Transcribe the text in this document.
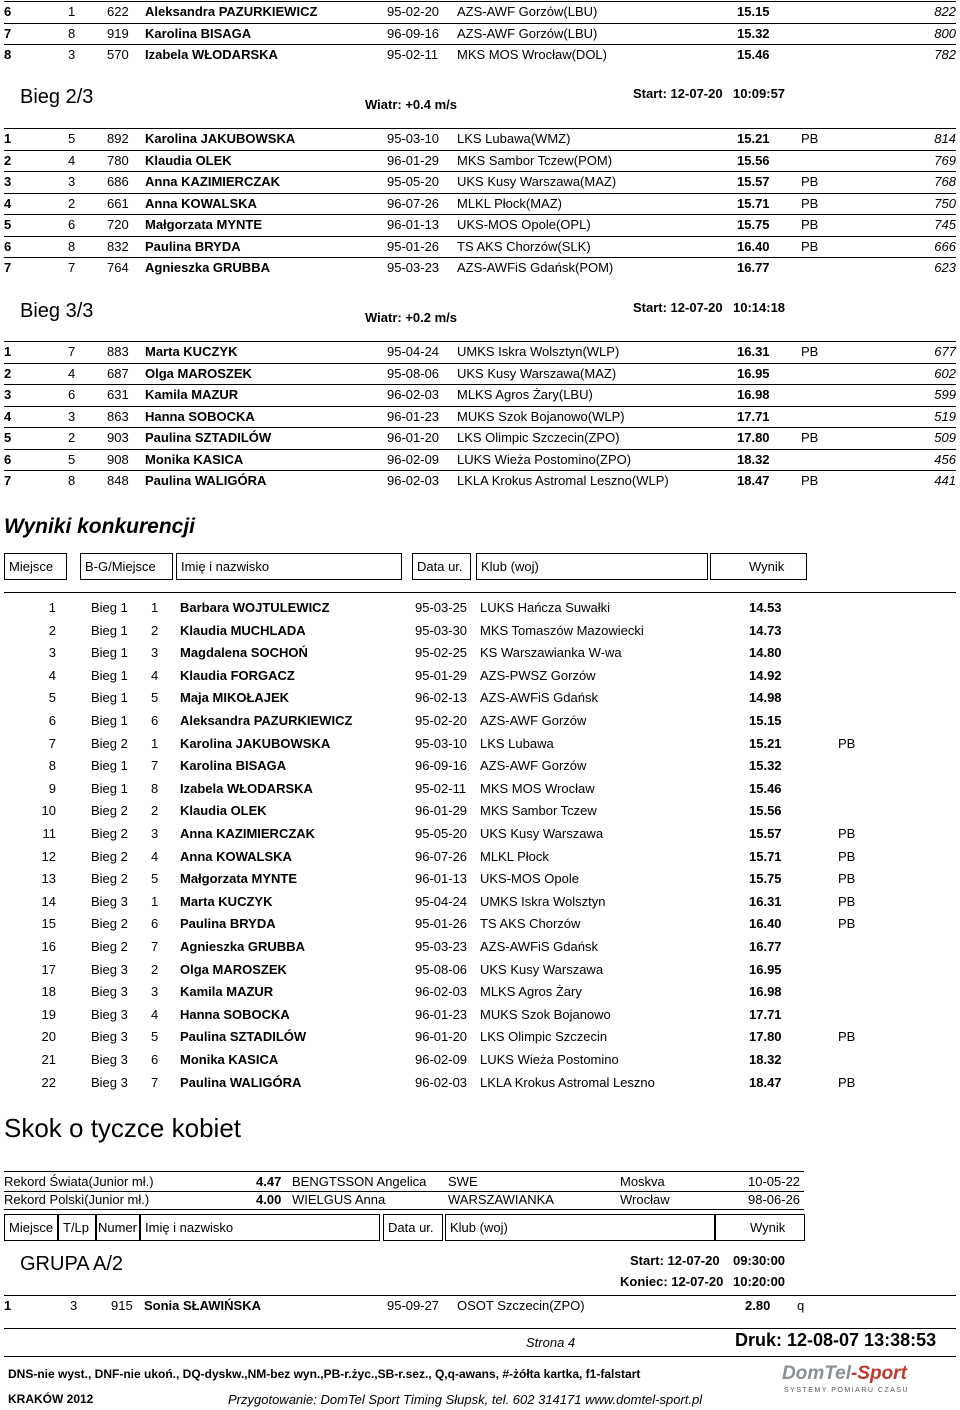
6	1 622 Aleksandra PAZURKIEWICZ	95-02-20 AZS-AWF Gorzów(LBU)	15.15	822
7	8 919 Karolina BISAGA	96-09-16 AZS-AWF Gorzów(LBU)	15.32	800
8	3 570 Izabela WŁODARSKA	95-02-11 MKS MOS Wrocław(DOL)	15.46	782
Bieg 2/3	Wiatr: +0.4 m/s
Start: 12-07-20 10:09:57
1	5 892 Karolina JAKUBOWSKA	95-03-10 LKS Lubawa(WMZ)	15.21 PB	814
2	4 780 Klaudia OLEK	96-01-29 MKS Sambor Tczew(POM)	15.56	769
3	3 686 Anna KAZIMIERCZAK	95-05-20 UKS Kusy Warszawa(MAZ)	15.57 PB	768
4	2 661 Anna KOWALSKA	96-07-26 MLKL Płock(MAZ)	15.71 PB	750
5	6 720 Małgorzata MYNTE	96-01-13 UKS-MOS Opole(OPL)	15.75 PB	745
6	8 832 Paulina BRYDA	95-01-26 TS AKS Chorzów(SLK)	16.40 PB	666
7	7 764 Agnieszka GRUBBA	95-03-23 AZS-AWFiS Gdańsk(POM)	16.77	623
Bieg 3/3	Wiatr: +0.2 m/s
Start: 12-07-20 10:14:18
1	7 883 Marta KUCZYK	95-04-24 UMKS Iskra Wolsztyn(WLP)	16.31 PB	677
2	4 687 Olga MAROSZEK	95-08-06 UKS Kusy Warszawa(MAZ)	16.95	602
3	6 631 Kamila MAZUR	96-02-03 MLKS Agros Żary(LBU)	16.98	599
4	3 863 Hanna SOBOCKA	96-01-23 MUKS Szok Bojanowo(WLP)	17.71	519
5	2 903 Paulina SZTADILÓW	96-01-20 LKS Olimpic Szczecin(ZPO)	17.80 PB	509
6	5 908 Monika KASICA	96-02-09 LUKS Wieża Postomino(ZPO)	18.32	456
7	8 848 Paulina WALIGÓRA	96-02-03 LKLA Krokus Astromal Leszno(WLP)	18.47 PB	441
Wyniki konkurencji
Miejsce	B-G/Miejsce	Imię i nazwisko	Data ur.	Klub (woj)	Wynik
1	Bieg 1 1 Barbara WOJTULEWICZ	95-03-25 LUKS Hańcza Suwałki	14.53
2	Bieg 1 2 Klaudia MUCHLADA	95-03-30 MKS Tomaszów Mazowiecki	14.73
3	Bieg 1 3 Magdalena SOCHOŃ	95-02-25 KS Warszawianka W-wa	14.80
4	Bieg 1 4 Klaudia FORGACZ	95-01-29 AZS-PWSZ Gorzów	14.92
5	Bieg 1 5 Maja MIKOŁAJEK	96-02-13 AZS-AWFiS Gdańsk	14.98
6	Bieg 1 6 Aleksandra PAZURKIEWICZ	95-02-20 AZS-AWF Gorzów	15.15
7	Bieg 2 1 Karolina JAKUBOWSKA	95-03-10 LKS Lubawa	15.21	PB
8	Bieg 1 7 Karolina BISAGA	96-09-16 AZS-AWF Gorzów	15.32
9	Bieg 1 8 Izabela WŁODARSKA	95-02-11 MKS MOS Wrocław	15.46
10	Bieg 2 2 Klaudia OLEK	96-01-29 MKS Sambor Tczew	15.56
11	Bieg 2 3 Anna KAZIMIERCZAK	95-05-20 UKS Kusy Warszawa	15.57	PB
12	Bieg 2 4 Anna KOWALSKA	96-07-26 MLKL Płock	15.71	PB
13	Bieg 2 5 Małgorzata MYNTE	96-01-13 UKS-MOS Opole	15.75	PB
14	Bieg 3 1 Marta KUCZYK	95-04-24 UMKS Iskra Wolsztyn	16.31	PB
15	Bieg 2 6 Paulina BRYDA	95-01-26 TS AKS Chorzów	16.40	PB
16	Bieg 2 7 Agnieszka GRUBBA	95-03-23 AZS-AWFiS Gdańsk	16.77
17	Bieg 3 2 Olga MAROSZEK	95-08-06 UKS Kusy Warszawa	16.95
18	Bieg 3 3 Kamila MAZUR	96-02-03 MLKS Agros Żary	16.98
19	Bieg 3 4 Hanna SOBOCKA	96-01-23 MUKS Szok Bojanowo	17.71
20	Bieg 3 5 Paulina SZTADILÓW	96-01-20 LKS Olimpic Szczecin	17.80	PB
21	Bieg 3 6 Monika KASICA	96-02-09 LUKS Wieża Postomino	18.32
22	Bieg 3 7 Paulina WALIGÓRA	96-02-03 LKLA Krokus Astromal Leszno	18.47	PB
Skok o tyczce kobiet
Rekord Świata(Junior mł.)	4.47 BENGTSSON Angelica SWE	Moskva	10-05-22
Rekord Polski(Junior mł.)	4.00 WIELGUS Anna	WARSZAWIANKA	Wrocław	98-06-26
Miejsce T/Lp Numer Imię i nazwisko	Data ur.	Klub (woj)	Wynik
GRUPA A/2	Start: 12-07-20 09:30:00
Koniec: 12-07-20 10:20:00
1	3	915 Sonia SŁAWIŃSKA	95-09-27 OSOT Szczecin(ZPO)	2.80 q
Strona 4	Druk: 12-08-07 13:38:53
DNS-nie wyst., DNF-nie ukoń., DQ-dyskw.,NM-bez wyn.,PB-r.życ.,SB-r.sez., Q,q-awans, #-żółta kartka, f1-falstart
KRAKÓW 2012	Przygotowanie: DomTel Sport Timing Słupsk, tel. 602 314171 www.domtel-sport.pl
DomTel-Sport
SYSTEMY POMIARU CZASU
